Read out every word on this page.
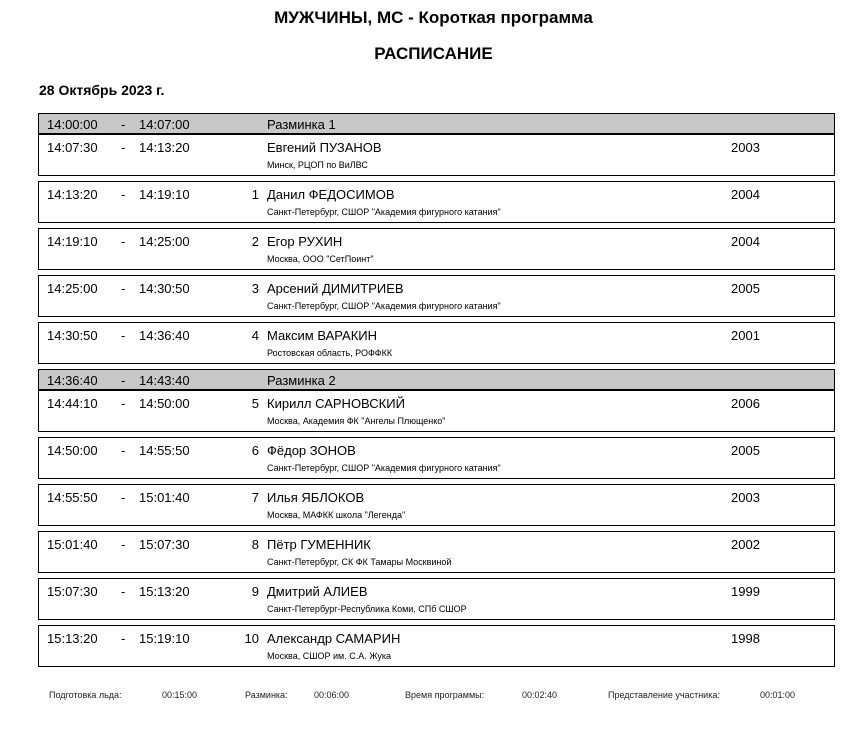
МУЖЧИНЫ, МС - Короткая программа
РАСПИСАНИЕ
28 Октябрь 2023 г.
14:00:00 - 14:07:00	Разминка 1
14:07:30 - 14:13:20	Евгений ПУЗАНОВ	2003
Минск, РЦОП по ВиЛВС
14:13:20 - 14:19:10	1 Данил ФЕДОСИМОВ	2004
Санкт-Петербург, СШОР "Академия фигурного катания"
14:19:10 - 14:25:00	2 Егор РУХИН	2004
Москва, ООО "СетПоинт"
14:25:00 - 14:30:50	3 Арсений ДИМИТРИЕВ	2005
Санкт-Петербург, СШОР "Академия фигурного катания"
14:30:50 - 14:36:40	4 Максим ВАРАКИН	2001
Ростовская область, РОФФКК
14:36:40 - 14:43:40	Разминка 2
14:44:10 - 14:50:00	5 Кирилл САРНОВСКИЙ	2006
Москва, Академия ФК "Ангелы Плющенко"
14:50:00 - 14:55:50	6 Фёдор ЗОНОВ	2005
Санкт-Петербург, СШОР "Академия фигурного катания"
14:55:50 - 15:01:40	7 Илья ЯБЛОКОВ	2003
Москва, МАФКК школа "Легенда"
15:01:40 - 15:07:30	8 Пётр ГУМЕННИК	2002
Санкт-Петербург, СК ФК Тамары Москвиной
15:07:30 - 15:13:20	9 Дмитрий АЛИЕВ	1999
Санкт-Петербург-Республика Коми, СПб СШОР
15:13:20 - 15:19:10	10 Александр САМАРИН	1998
Москва, СШОР им. С.А. Жука
Подготовка льда:	00:15:00	Разминка:	00:06:00	Время программы:	00:02:40	Представление участника:	00:01:00
